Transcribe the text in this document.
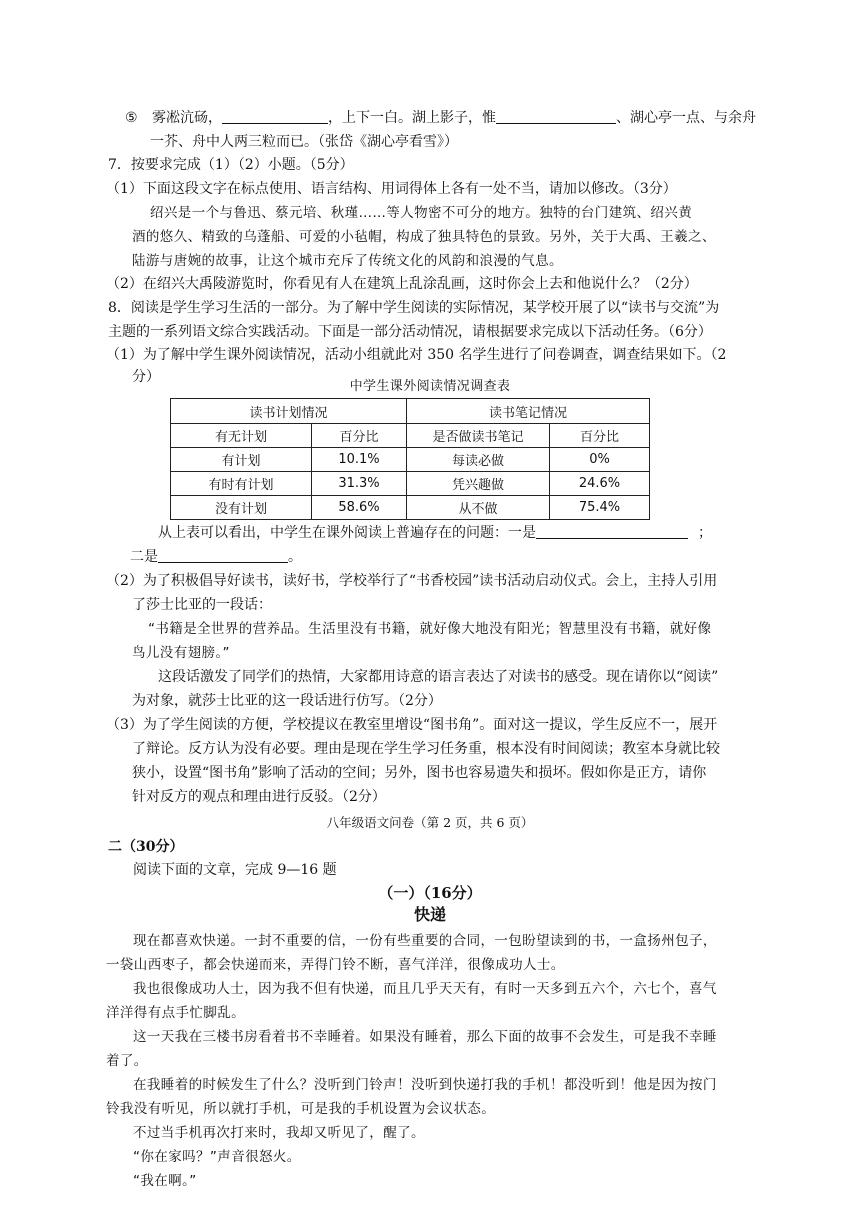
⑤ 雾凇沆砀，	，上下一白。湖上影子，惟	、湖心亭一点、与余舟
一芥、舟中人两三粒而已。（张岱《湖心亭看雪》）
7．按要求完成（1）（2）小题。（5分）
（1）下面这段文字在标点使用、语言结构、用词得体上各有一处不当，请加以修改。（3分）
绍兴是一个与鲁迅、蔡元培、秋瑾……等人物密不可分的地方。独特的台门建筑、绍兴黄
酒的悠久、精致的乌蓬船、可爱的小毡帽，构成了独具特色的景致。另外，关于大禹、王羲之、
陆游与唐婉的故事，让这个城市充斥了传统文化的风韵和浪漫的气息。
（2）在绍兴大禹陵游览时，你看见有人在建筑上乱涂乱画，这时你会上去和他说什么？（2分）
8．阅读是学生学习生活的一部分。为了解中学生阅读的实际情况，某学校开展了以“读书与交流”为
主题的一系列语文综合实践活动。下面是一部分活动情况，请根据要求完成以下活动任务。（6分）
（1）为了解中学生课外阅读情况，活动小组就此对 350 名学生进行了问卷调查，调查结果如下。（2
分）
中学生课外阅读情况调查表
读书计划情况		读书笔记情况	
有无计划	百分比	是否做读书笔记	百分比
有计划	10.1%	每读必做	0%
有时有计划	31.3%	凭兴趣做	24.6%
没有计划	58.6%	从不做	75.4%
从上表可以看出，中学生在课外阅读上普遍存在的问题：一是	；
二是	。
（2）为了积极倡导好读书，读好书，学校举行了“书香校园”读书活动启动仪式。会上，主持人引用
了莎士比亚的一段话：
“书籍是全世界的营养品。生活里没有书籍，就好像大地没有阳光；智慧里没有书籍，就好像
鸟儿没有翅膀。”
这段话激发了同学们的热情，大家都用诗意的语言表达了对读书的感受。现在请你以“阅读”
为对象，就莎士比亚的这一段话进行仿写。（2分）
（3）为了学生阅读的方便，学校提议在教室里增设“图书角”。面对这一提议，学生反应不一，展开
了辩论。反方认为没有必要。理由是现在学生学习任务重，根本没有时间阅读；教室本身就比较
狭小，设置“图书角”影响了活动的空间；另外，图书也容易遗失和损坏。假如你是正方，请你
针对反方的观点和理由进行反驳。（2分）
八年级语文问卷（第 2 页，共 6 页）
二（30分）
阅读下面的文章，完成 9—16 题
（一）（16分）
快递
现在都喜欢快递。一封不重要的信，一份有些重要的合同，一包盼望读到的书，一盒扬州包子，
一袋山西枣子，都会快递而来，弄得门铃不断，喜气洋洋，很像成功人士。
我也很像成功人士，因为我不但有快递，而且几乎天天有，有时一天多到五六个，六七个，喜气
洋洋得有点手忙脚乱。
这一天我在三楼书房看着书不幸睡着。如果没有睡着，那么下面的故事不会发生，可是我不幸睡
着了。
在我睡着的时候发生了什么？没听到门铃声！没听到快递打我的手机！都没听到！他是因为按门
铃我没有听见，所以就打手机，可是我的手机设置为会议状态。
不过当手机再次打来时，我却又听见了，醒了。
“你在家吗？”声音很怒火。
“我在啊。”
